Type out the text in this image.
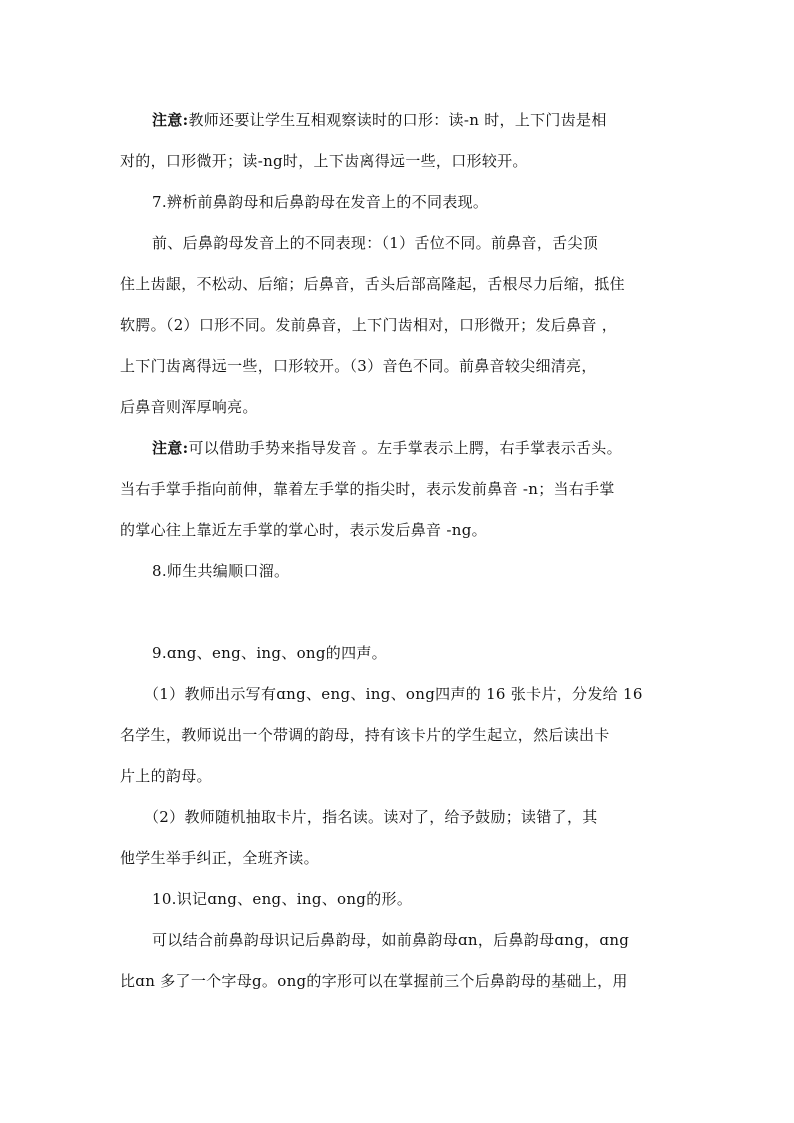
注意:教师还要让学生互相观察读时的口形：读-n 时，上下门齿是相
对的，口形微开；读-ng时，上下齿离得远一些，口形较开。
7.辨析前鼻韵母和后鼻韵母在发音上的不同表现。
前、后鼻韵母发音上的不同表现：（1）舌位不同。前鼻音，舌尖顶
住上齿龈，不松动、后缩；后鼻音，舌头后部高隆起，舌根尽力后缩，抵住
软腭。（2）口形不同。发前鼻音，上下门齿相对，口形微开；发后鼻音 ，
上下门齿离得远一些，口形较开。（3）音色不同。前鼻音较尖细清亮，
后鼻音则浑厚响亮。
注意:可以借助手势来指导发音 。左手掌表示上腭，右手掌表示舌头。
当右手掌手指向前伸，靠着左手掌的指尖时，表示发前鼻音 -n；当右手掌
的掌心往上靠近左手掌的掌心时，表示发后鼻音 -ng。
8.师生共编顺口溜。
9.ɑng、eng、ing、ong的四声。
（1）教师出示写有ɑng、eng、ing、ong四声的 16 张卡片，分发给 16
名学生，教师说出一个带调的韵母，持有该卡片的学生起立，然后读出卡
片上的韵母。
（2）教师随机抽取卡片，指名读。读对了，给予鼓励；读错了，其
他学生举手纠正，全班齐读。
10.识记ɑng、eng、ing、ong的形。
可以结合前鼻韵母识记后鼻韵母，如前鼻韵母ɑn，后鼻韵母ɑng，ɑng
比ɑn 多了一个字母g。ong的字形可以在掌握前三个后鼻韵母的基础上，用
